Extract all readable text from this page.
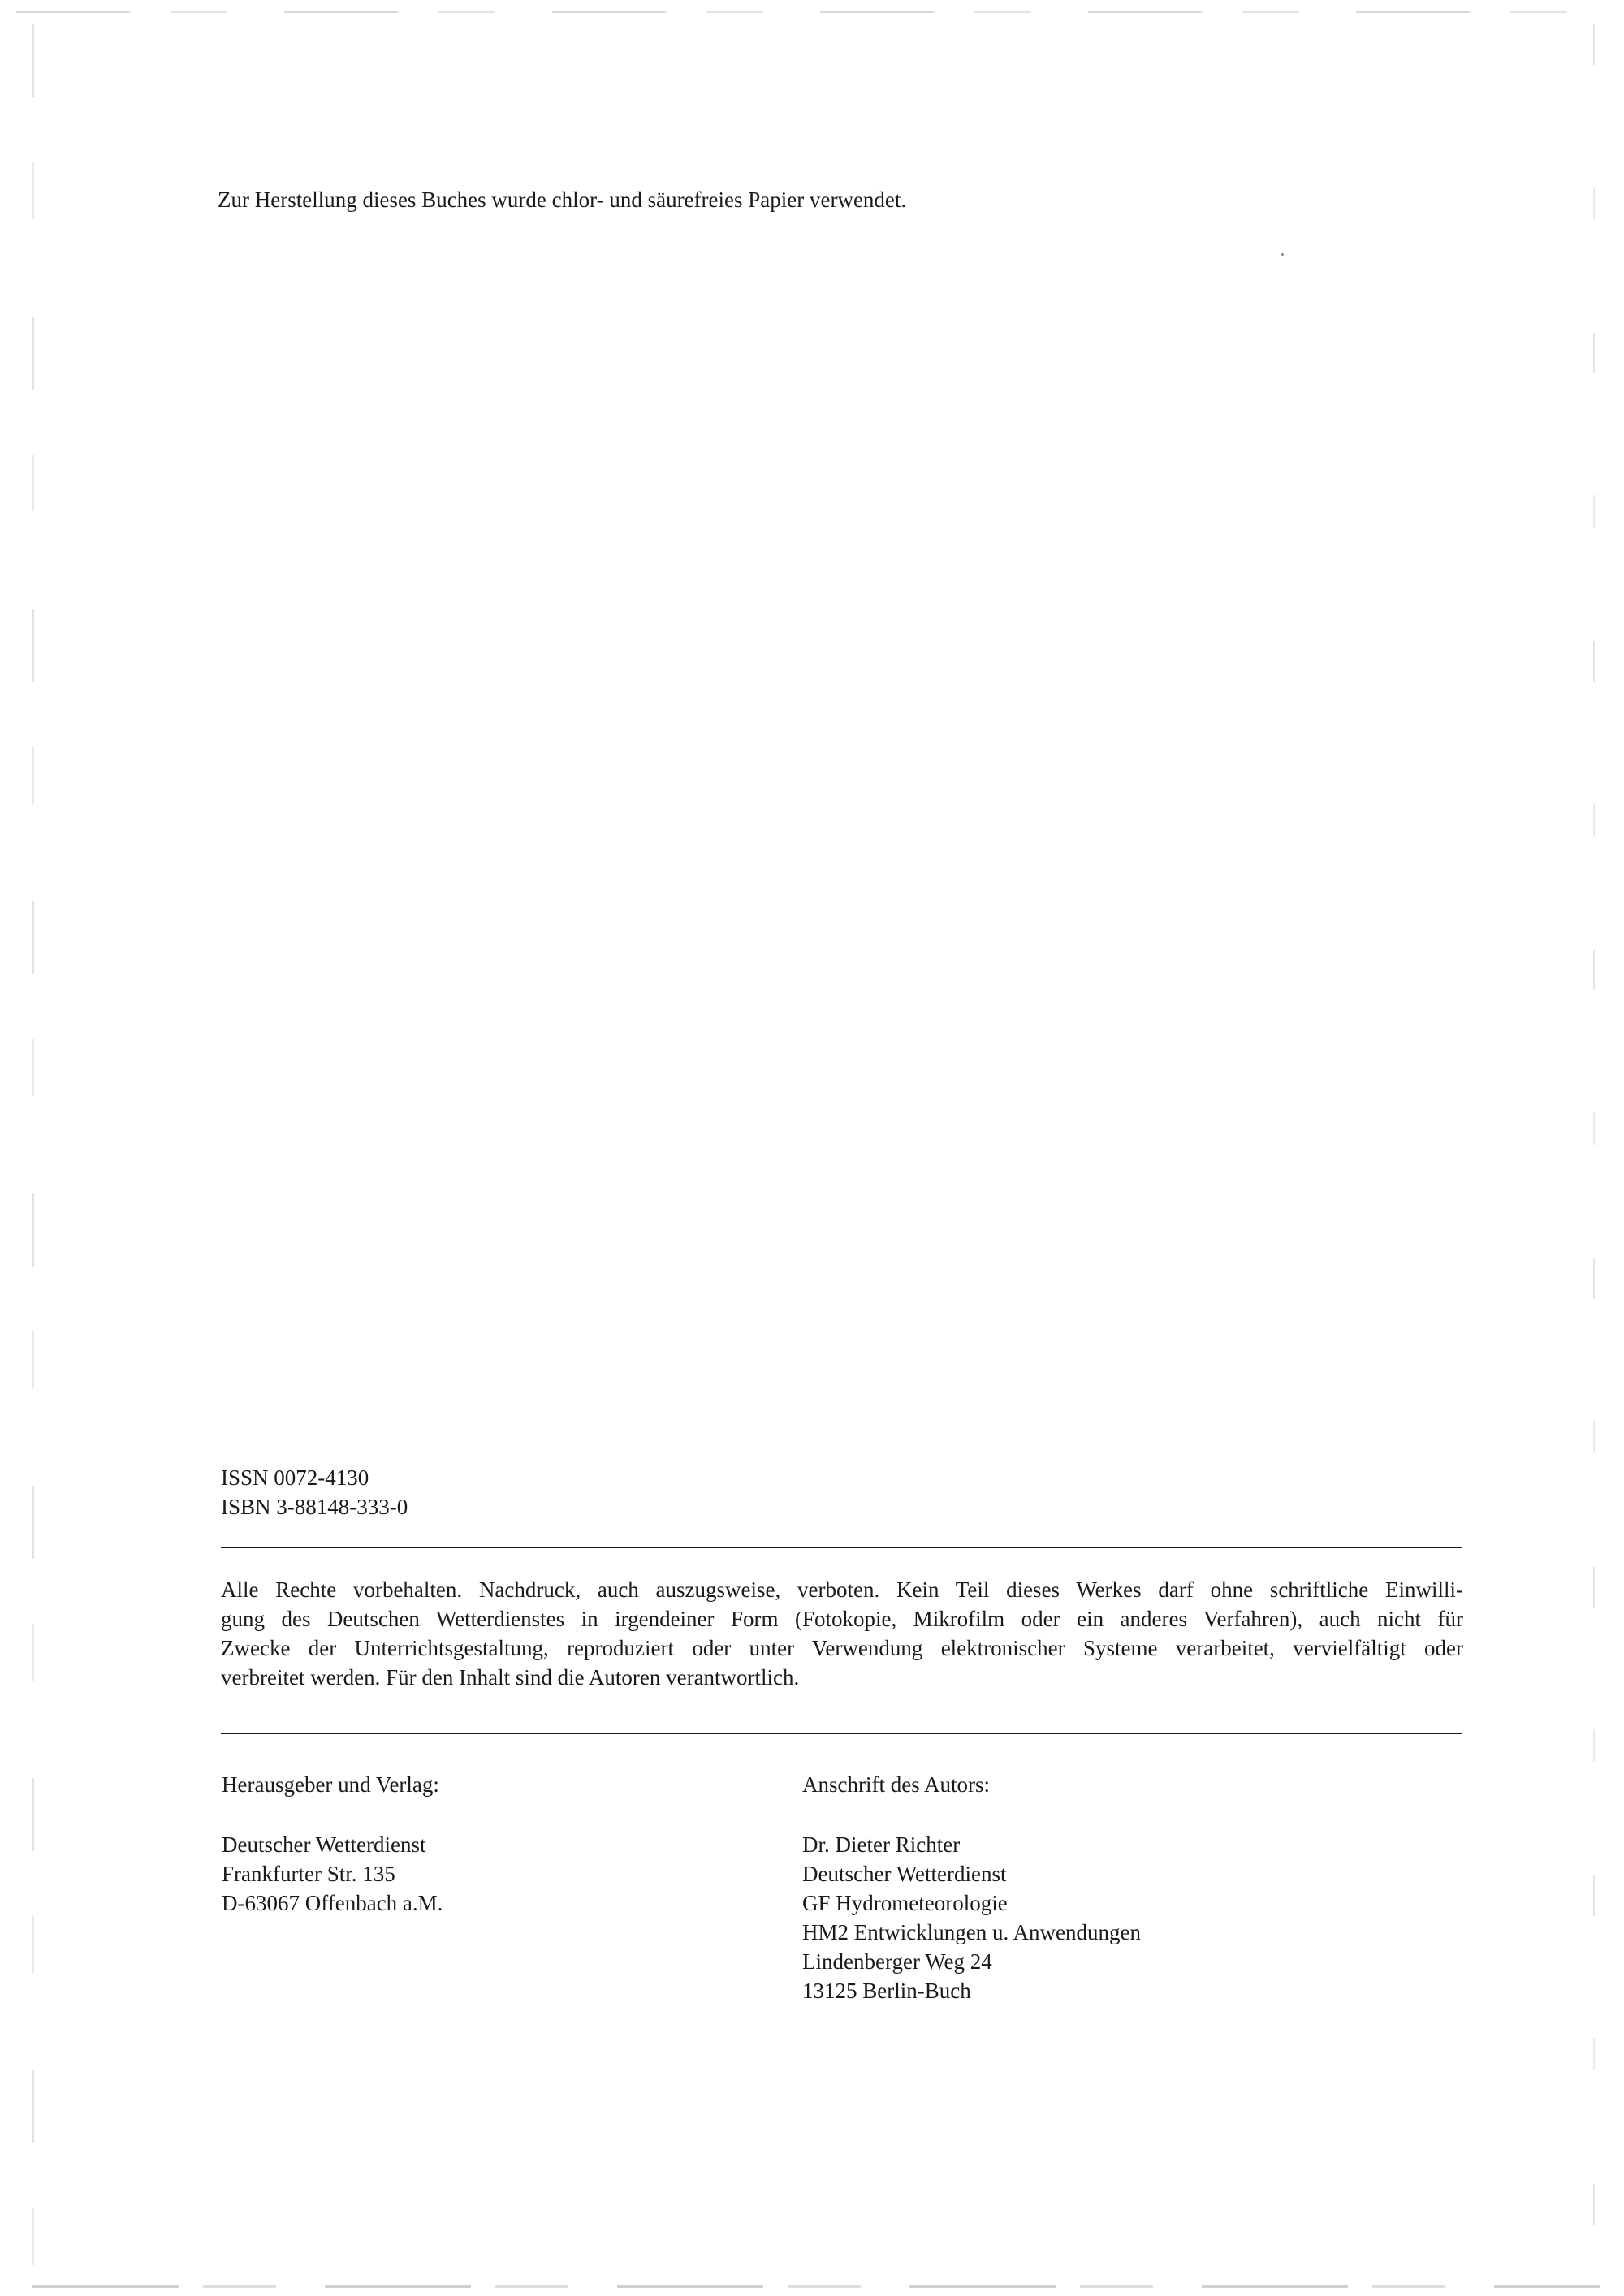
Zur Herstellung dieses Buches wurde chlor- und säurefreies Papier verwendet.
ISSN 0072-4130
ISBN 3-88148-333-0
Alle Rechte vorbehalten. Nachdruck, auch auszugsweise, verboten. Kein Teil dieses Werkes darf ohne schriftliche Einwilli-
gung des Deutschen Wetterdienstes in irgendeiner Form (Fotokopie, Mikrofilm oder ein anderes Verfahren), auch nicht für
Zwecke der Unterrichtsgestaltung, reproduziert oder unter Verwendung elektronischer Systeme verarbeitet, vervielfältigt oder
verbreitet werden. Für den Inhalt sind die Autoren verantwortlich.
Herausgeber und Verlag:
Deutscher Wetterdienst
Frankfurter Str. 135
D-63067 Offenbach a.M.
Anschrift des Autors:
Dr. Dieter Richter
Deutscher Wetterdienst
GF Hydrometeorologie
HM2 Entwicklungen u. Anwendungen
Lindenberger Weg 24
13125 Berlin-Buch
